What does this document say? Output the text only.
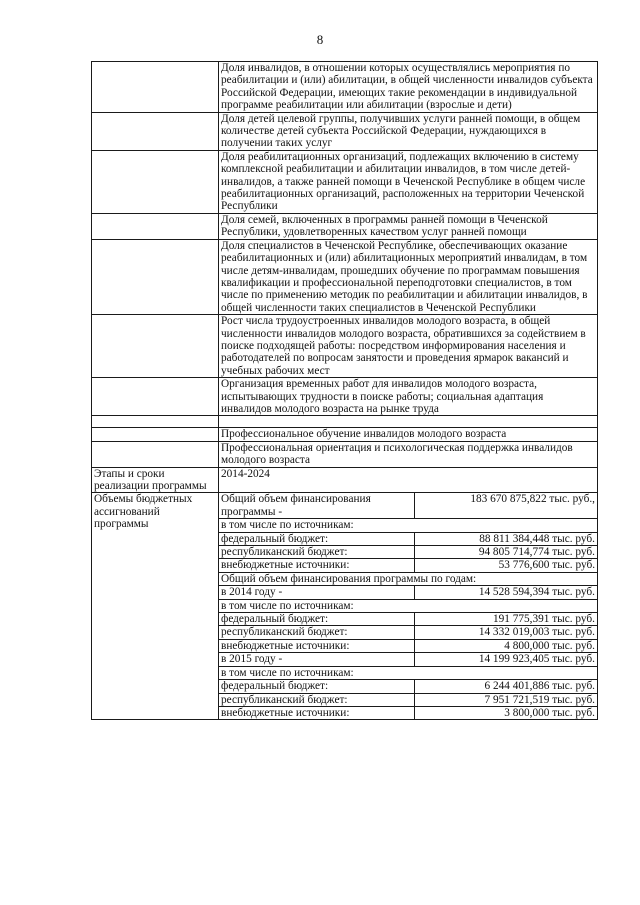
8
	Доля инвалидов, в отношении которых осуществлялись мероприятия по реабилитации и (или) абилитации, в общей численности инвалидов субъекта Российской Федерации, имеющих такие рекомендации в индивидуальной программе реабилитации или абилитации (взрослые и дети)	
	Доля детей целевой группы, получивших услуги ранней помощи, в общем количестве детей субъекта Российской Федерации, нуждающихся в получении таких услуг	
	Доля реабилитационных организаций, подлежащих включению в систему комплексной реабилитации и абилитации инвалидов, в том числе детей-инвалидов, а также ранней помощи в Чеченской Республике в общем числе реабилитационных организаций, расположенных на территории Чеченской Республики	
	Доля семей, включенных в программы ранней помощи в Чеченской Республики, удовлетворенных качеством услуг ранней помощи	
	Доля специалистов в Чеченской Республике, обеспечивающих оказание реабилитационных и (или) абилитационных мероприятий инвалидам, в том числе детям-инвалидам, прошедших обучение по программам повышения квалификации и профессиональной переподготовки специалистов, в том числе по применению методик по реабилитации и абилитации инвалидов, в общей численности таких специалистов в Чеченской Республики	
	Рост числа трудоустроенных инвалидов молодого возраста, в общей численности инвалидов молодого возраста, обратившихся за содействием в поиске подходящей работы: посредством информирования населения и работодателей по вопросам занятости и проведения ярмарок вакансий и учебных рабочих мест	
	Организация временных работ для инвалидов молодого возраста, испытывающих трудности в поиске работы; социальная адаптация инвалидов молодого возраста на рынке труда	

	Профессиональное обучение инвалидов молодого возраста	
	Профессиональная ориентация и психологическая поддержка инвалидов молодого возраста	
Этапы и сроки реализации программы	2014-2024	
Объемы бюджетных ассигнований программы	Общий объем финансирования программы -	183 670 875,822 тыс. руб.,
	в том числе по источникам:	
	федеральный бюджет:	88 811 384,448 тыс. руб.
	республиканский бюджет:	94 805 714,774 тыс. руб.
	внебюджетные источники:	53 776,600 тыс. руб.
	Общий объем финансирования программы по годам:	
	в 2014 году -	14 528 594,394 тыс. руб.
	в том числе по источникам:	
	федеральный бюджет:	191 775,391 тыс. руб.
	республиканский бюджет:	14 332 019,003 тыс. руб.
	внебюджетные источники:	4 800,000 тыс. руб.
	в 2015 году -	14 199 923,405 тыс. руб.
	в том числе по источникам:	
	федеральный бюджет:	6 244 401,886 тыс. руб.
	республиканский бюджет:	7 951 721,519 тыс. руб.
	внебюджетные источники:	3 800,000 тыс. руб.
